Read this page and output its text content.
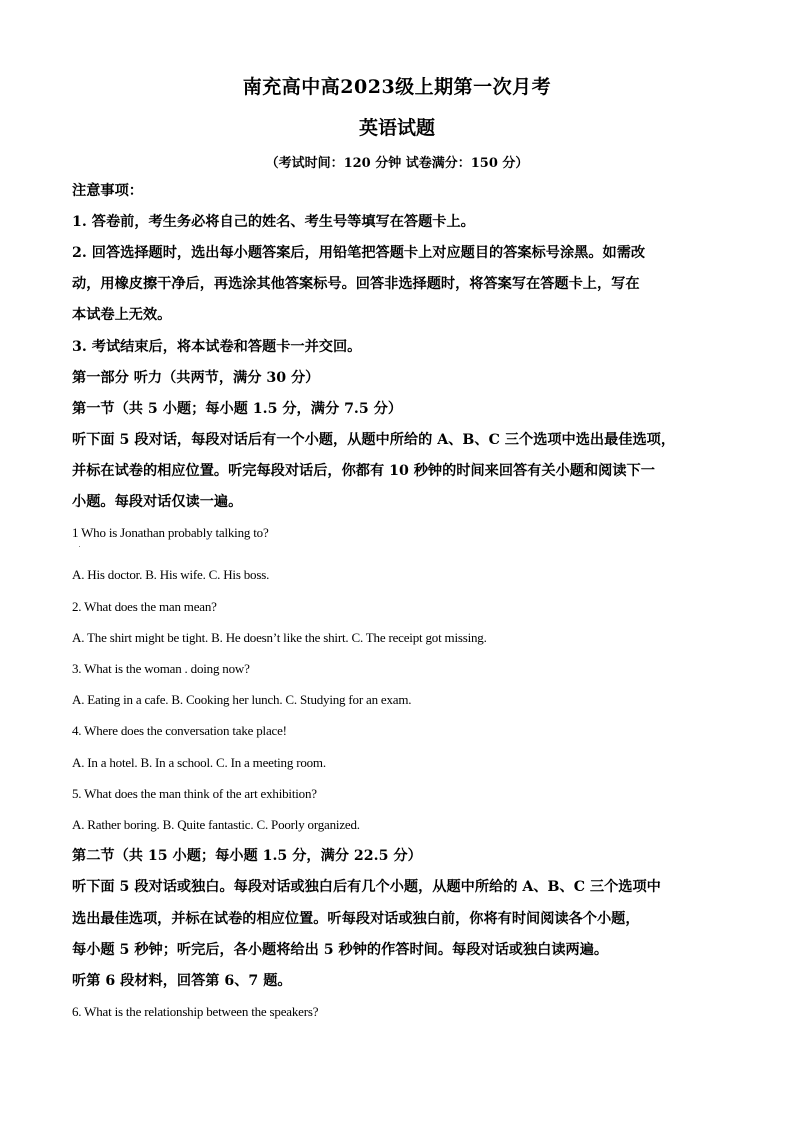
南充高中高2023级上期第一次月考
英语试题
（考试时间：120 分钟 试卷满分：150 分）
注意事项：
1. 答卷前，考生务必将自己的姓名、考生号等填写在答题卡上。
2. 回答选择题时，选出每小题答案后，用铅笔把答题卡上对应题目的答案标号涂黑。如需改
动，用橡皮擦干净后，再选涂其他答案标号。回答非选择题时，将答案写在答题卡上，写在
本试卷上无效。
3. 考试结束后，将本试卷和答题卡一并交回。
第一部分 听力（共两节，满分 30 分）
第一节（共 5 小题；每小题 1.5 分，满分 7.5 分）
听下面 5 段对话，每段对话后有一个小题，从题中所给的 A、B、C 三个选项中选出最佳选项，
并标在试卷的相应位置。听完每段对话后，你都有 10 秒钟的时间来回答有关小题和阅读下一
小题。每段对话仅读一遍。
1 Who is Jonathan probably talking to?
A. His doctor. B. His wife. C. His boss.
2. What does the man mean?
A. The shirt might be tight. B. He doesn’t like the shirt. C. The receipt got missing.
3. What is the woman . doing now?
A. Eating in a cafe. B. Cooking her lunch. C. Studying for an exam.
4. Where does the conversation take place!
A. In a hotel. B. In a school. C. In a meeting room.
5. What does the man think of the art exhibition?
A. Rather boring. B. Quite fantastic. C. Poorly organized.
第二节（共 15 小题；每小题 1.5 分，满分 22.5 分）
听下面 5 段对话或独白。每段对话或独白后有几个小题，从题中所给的 A、B、C 三个选项中
选出最佳选项，并标在试卷的相应位置。听每段对话或独白前，你将有时间阅读各个小题，
每小题 5 秒钟；听完后，各小题将给出 5 秒钟的作答时间。每段对话或独白读两遍。
听第 6 段材料，回答第 6、7 题。
6. What is the relationship between the speakers?
